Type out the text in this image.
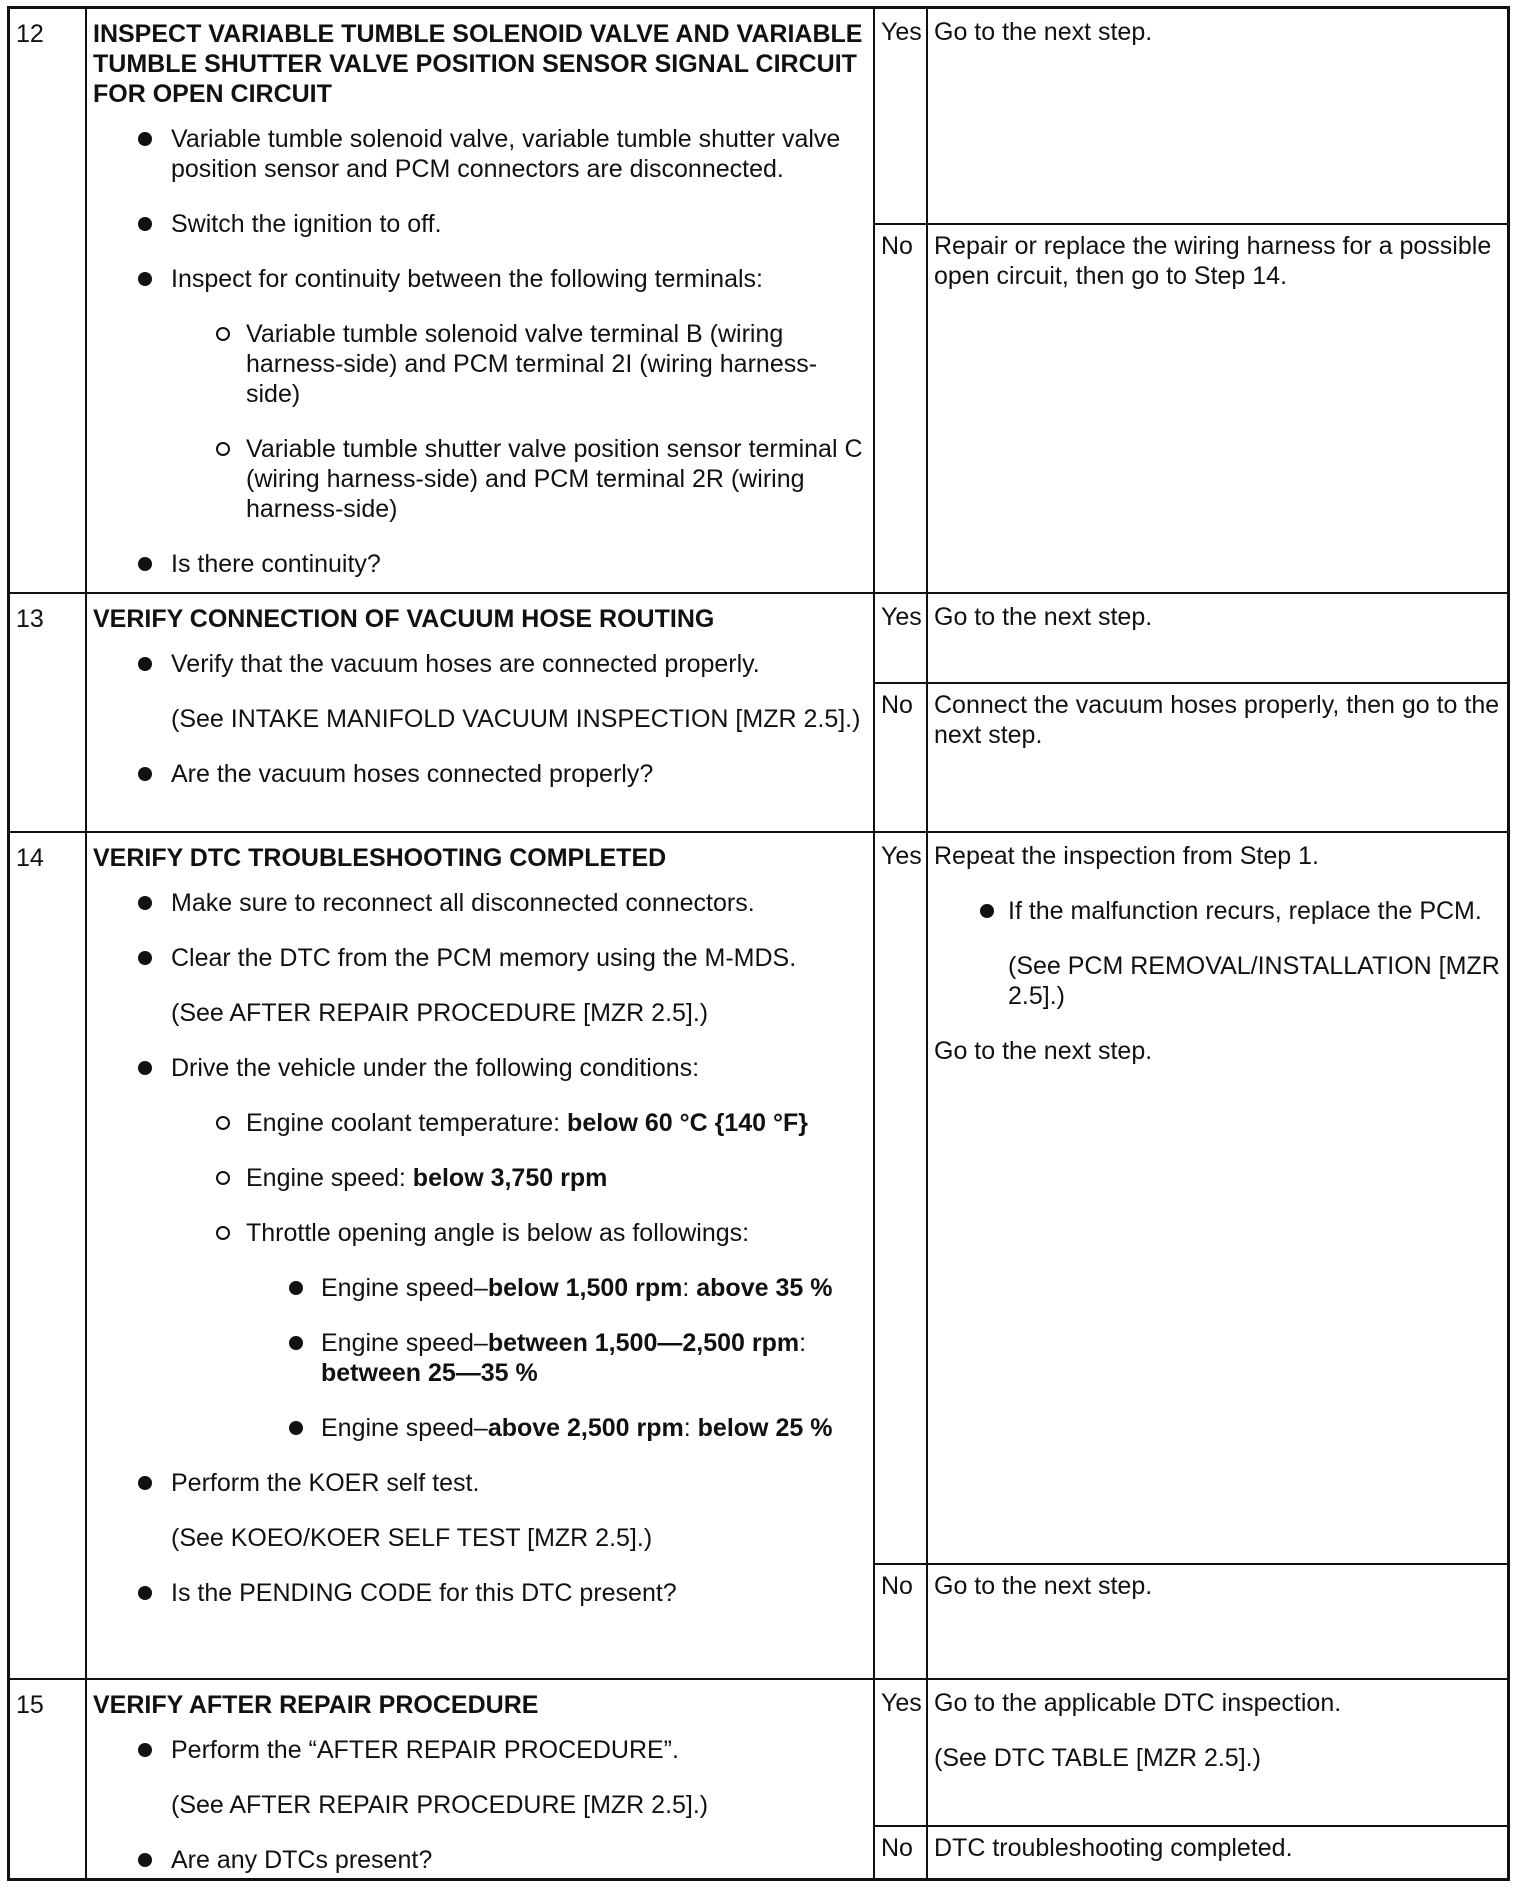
12 INSPECT VARIABLE TUMBLE SOLENOID VALVE AND VARIABLE TUMBLE SHUTTER VALVE POSITION SENSOR SIGNAL CIRCUIT FOR OPEN CIRCUIT
Variable tumble solenoid valve, variable tumble shutter valve position sensor and PCM connectors are disconnected.
Switch the ignition to off.
Inspect for continuity between the following terminals:
Variable tumble solenoid valve terminal B (wiring harness-side) and PCM terminal 2I (wiring harness-side)
Variable tumble shutter valve position sensor terminal C (wiring harness-side) and PCM terminal 2R (wiring harness-side)
Is there continuity?
Yes Go to the next step.
No Repair or replace the wiring harness for a possible open circuit, then go to Step 14.
13 VERIFY CONNECTION OF VACUUM HOSE ROUTING
Verify that the vacuum hoses are connected properly.
(See INTAKE MANIFOLD VACUUM INSPECTION [MZR 2.5].)
Are the vacuum hoses connected properly?
Yes Go to the next step.
No Connect the vacuum hoses properly, then go to the next step.
14 VERIFY DTC TROUBLESHOOTING COMPLETED
Make sure to reconnect all disconnected connectors.
Clear the DTC from the PCM memory using the M-MDS.
(See AFTER REPAIR PROCEDURE [MZR 2.5].)
Drive the vehicle under the following conditions:
Engine coolant temperature: below 60 °C {140 °F}
Engine speed: below 3,750 rpm
Throttle opening angle is below as followings:
Engine speed–below 1,500 rpm: above 35 %
Engine speed–between 1,500—2,500 rpm: between 25—35 %
Engine speed–above 2,500 rpm: below 25 %
Perform the KOER self test.
(See KOEO/KOER SELF TEST [MZR 2.5].)
Is the PENDING CODE for this DTC present?
Yes Repeat the inspection from Step 1.
If the malfunction recurs, replace the PCM.
(See PCM REMOVAL/INSTALLATION [MZR 2.5].)
Go to the next step.
No Go to the next step.
15 VERIFY AFTER REPAIR PROCEDURE
Perform the “AFTER REPAIR PROCEDURE”.
(See AFTER REPAIR PROCEDURE [MZR 2.5].)
Are any DTCs present?
Yes Go to the applicable DTC inspection.
(See DTC TABLE [MZR 2.5].)
No DTC troubleshooting completed.
